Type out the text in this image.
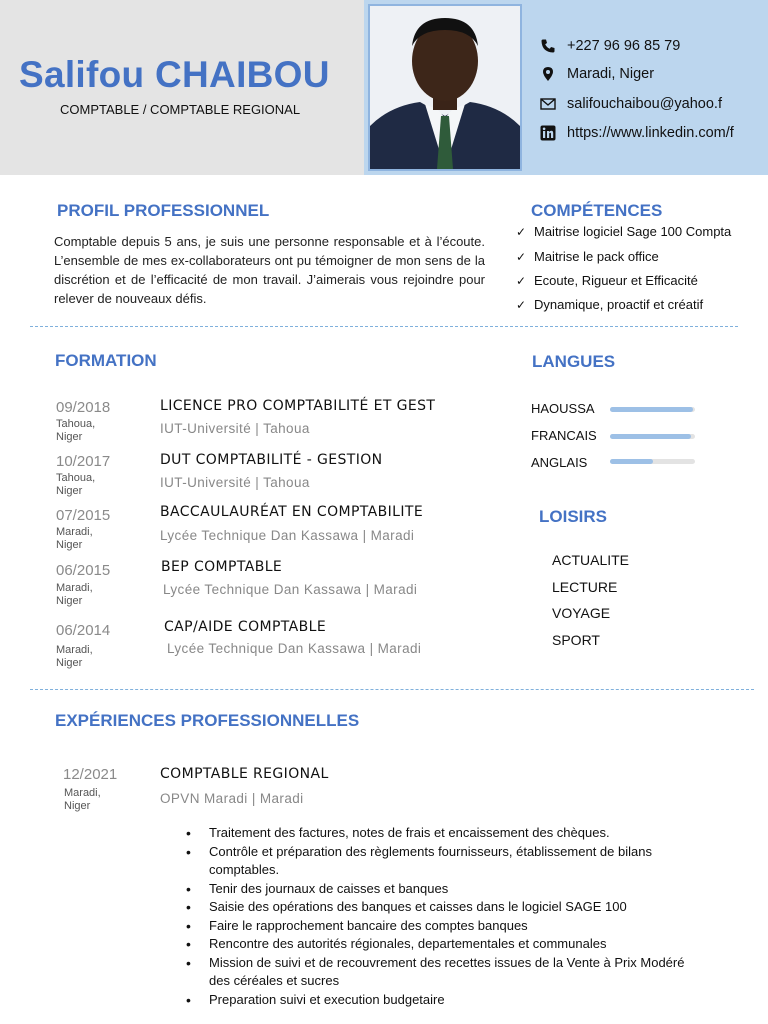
Salifou CHAIBOU
COMPTABLE / COMPTABLE REGIONAL
+227 96 96 85 79
Maradi, Niger
salifouchaibou@yahoo.f
https://www.linkedin.com/f
PROFIL PROFESSIONNEL
Comptable depuis 5 ans, je suis une personne responsable et à l’écoute. L’ensemble de mes ex-collaborateurs ont pu témoigner de mon sens de la discrétion et de l’efficacité de mon travail. J’aimerais vous rejoindre pour relever de nouveaux défis.
COMPÉTENCES
✓ Maitrise logiciel Sage 100 Compta
✓ Maitrise le pack office
✓ Ecoute, Rigueur et Efficacité
✓ Dynamique, proactif et créatif
FORMATION
09/2018
Tahoua, Niger
LICENCE PRO COMPTABILITÉ ET GEST
IUT-Université | Tahoua
10/2017
Tahoua, Niger
DUT COMPTABILITÉ - GESTION
IUT-Université | Tahoua
07/2015
Maradi, Niger
BACCAULAURÉAT EN COMPTABILITE
Lycée Technique Dan Kassawa | Maradi
06/2015
Maradi, Niger
BEP COMPTABLE
Lycée Technique Dan Kassawa | Maradi
06/2014
Maradi, Niger
CAP/AIDE COMPTABLE
Lycée Technique Dan Kassawa | Maradi
LANGUES
HAOUSSA
FRANCAIS
ANGLAIS
LOISIRS
ACTUALITE
LECTURE
VOYAGE
SPORT
EXPÉRIENCES PROFESSIONNELLES
12/2021
Maradi, Niger
COMPTABLE REGIONAL
OPVN Maradi | Maradi
• Traitement des factures, notes de frais et encaissement des chèques.
• Contrôle et préparation des règlements fournisseurs, établissement de bilans comptables.
• Tenir des journaux de caisses et banques
• Saisie des opérations des banques et caisses dans le logiciel SAGE 100
• Faire le rapprochement bancaire des comptes banques
• Rencontre des autorités régionales, departementales et communales
• Mission de suivi et de recouvrement des recettes issues de la Vente à Prix Modéré des céréales et sucres
• Preparation suivi et execution budgetaire
